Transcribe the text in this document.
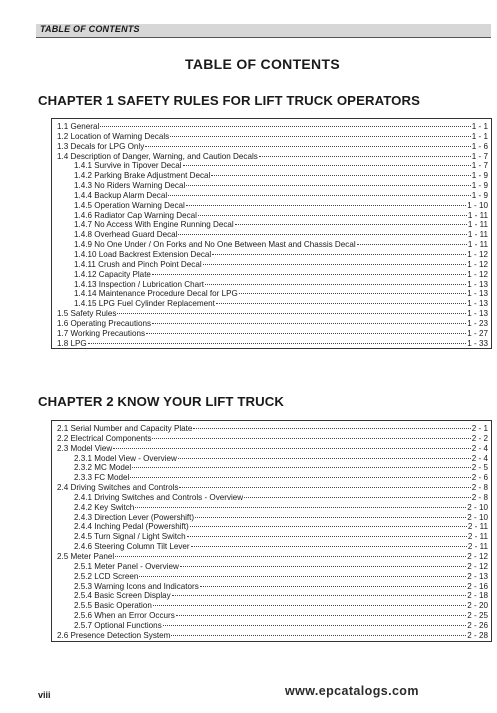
TABLE OF CONTENTS
TABLE OF CONTENTS
CHAPTER 1 SAFETY RULES FOR LIFT TRUCK OPERATORS
1.1 General	1 - 1
1.2 Location of Warning Decals	1 - 1
1.3 Decals for LPG Only	1 - 6
1.4 Description of Danger, Warning, and Caution Decals	1 - 7
1.4.1 Survive in Tipover Decal	1 - 7
1.4.2 Parking Brake Adjustment Decal	1 - 9
1.4.3 No Riders Warning Decal	1 - 9
1.4.4 Backup Alarm Decal	1 - 9
1.4.5 Operation Warning Decal	1 - 10
1.4.6 Radiator Cap Warning Decal	1 - 11
1.4.7 No Access With Engine Running Decal	1 - 11
1.4.8 Overhead Guard Decal	1 - 11
1.4.9 No One Under / On Forks and No One Between Mast and Chassis Decal	1 - 11
1.4.10 Load Backrest Extension Decal	1 - 12
1.4.11 Crush and Pinch Point Decal	1 - 12
1.4.12 Capacity Plate	1 - 12
1.4.13 Inspection / Lubrication Chart	1 - 13
1.4.14 Maintenance Procedure Decal for LPG	1 - 13
1.4.15 LPG Fuel Cylinder Replacement	1 - 13
1.5 Safety Rules	1 - 13
1.6 Operating Precautions	1 - 23
1.7 Working Precautions	1 - 27
1.8 LPG	1 - 33
CHAPTER 2 KNOW YOUR LIFT TRUCK
2.1 Serial Number and Capacity Plate	2 - 1
2.2 Electrical Components	2 - 2
2.3 Model View	2 - 4
2.3.1 Model View - Overview	2 - 4
2.3.2 MC Model	2 - 5
2.3.3 FC Model	2 - 6
2.4 Driving Switches and Controls	2 - 8
2.4.1 Driving Switches and Controls - Overview	2 - 8
2.4.2 Key Switch	2 - 10
2.4.3 Direction Lever (Powershift)	2 - 10
2.4.4 Inching Pedal (Powershift)	2 - 11
2.4.5 Turn Signal / Light Switch	2 - 11
2.4.6 Steering Column Tilt Lever	2 - 11
2.5 Meter Panel	2 - 12
2.5.1 Meter Panel - Overview	2 - 12
2.5.2 LCD Screen	2 - 13
2.5.3 Warning Icons and Indicators	2 - 16
2.5.4 Basic Screen Display	2 - 18
2.5.5 Basic Operation	2 - 20
2.5.6 When an Error Occurs	2 - 25
2.5.7 Optional Functions	2 - 26
2.6 Presence Detection System	2 - 28
viii	www.epcatalogs.com
